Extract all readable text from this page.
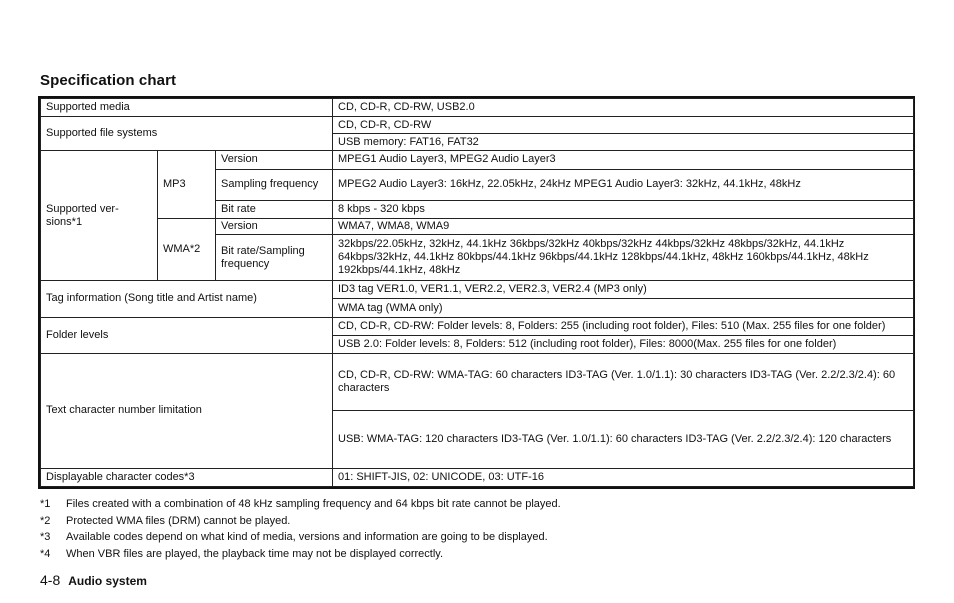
Specification chart
Supported media			CD, CD-R, CD-RW, USB2.0
Supported file systems			CD, CD-R, CD-RW
			USB memory: FAT16, FAT32
Supported ver- sions*1	MP3	Version	MPEG1 Audio Layer3, MPEG2 Audio Layer3
		Sampling frequency	MPEG2 Audio Layer3: 16kHz, 22.05kHz, 24kHz MPEG1 Audio Layer3: 32kHz, 44.1kHz, 48kHz
		Bit rate	8 kbps - 320 kbps
	WMA*2	Version	WMA7, WMA8, WMA9
		Bit rate/Sampling frequency	32kbps/22.05kHz, 32kHz, 44.1kHz 36kbps/32kHz 40kbps/32kHz 44kbps/32kHz 48kbps/32kHz, 44.1kHz 64kbps/32kHz, 44.1kHz 80kbps/44.1kHz 96kbps/44.1kHz 128kbps/44.1kHz, 48kHz 160kbps/44.1kHz, 48kHz 192kbps/44.1kHz, 48kHz
Tag information (Song title and Artist name)			ID3 tag VER1.0, VER1.1, VER2.2, VER2.3, VER2.4 (MP3 only)
			WMA tag (WMA only)
Folder levels			CD, CD-R, CD-RW: Folder levels: 8, Folders: 255 (including root folder), Files: 510 (Max. 255 files for one folder)
			USB 2.0: Folder levels: 8, Folders: 512 (including root folder), Files: 8000(Max. 255 files for one folder)
Text character number limitation			CD, CD-R, CD-RW: WMA-TAG: 60 characters ID3-TAG (Ver. 1.0/1.1): 30 characters ID3-TAG (Ver. 2.2/2.3/2.4): 60 characters
			USB: WMA-TAG: 120 characters ID3-TAG (Ver. 1.0/1.1): 60 characters ID3-TAG (Ver. 2.2/2.3/2.4): 120 characters
Displayable character codes*3			01: SHIFT-JIS, 02: UNICODE, 03: UTF-16
*1 Files created with a combination of 48 kHz sampling frequency and 64 kbps bit rate cannot be played.
*2 Protected WMA files (DRM) cannot be played.
*3 Available codes depend on what kind of media, versions and information are going to be displayed.
*4 When VBR files are played, the playback time may not be displayed correctly.
4-8 Audio system
